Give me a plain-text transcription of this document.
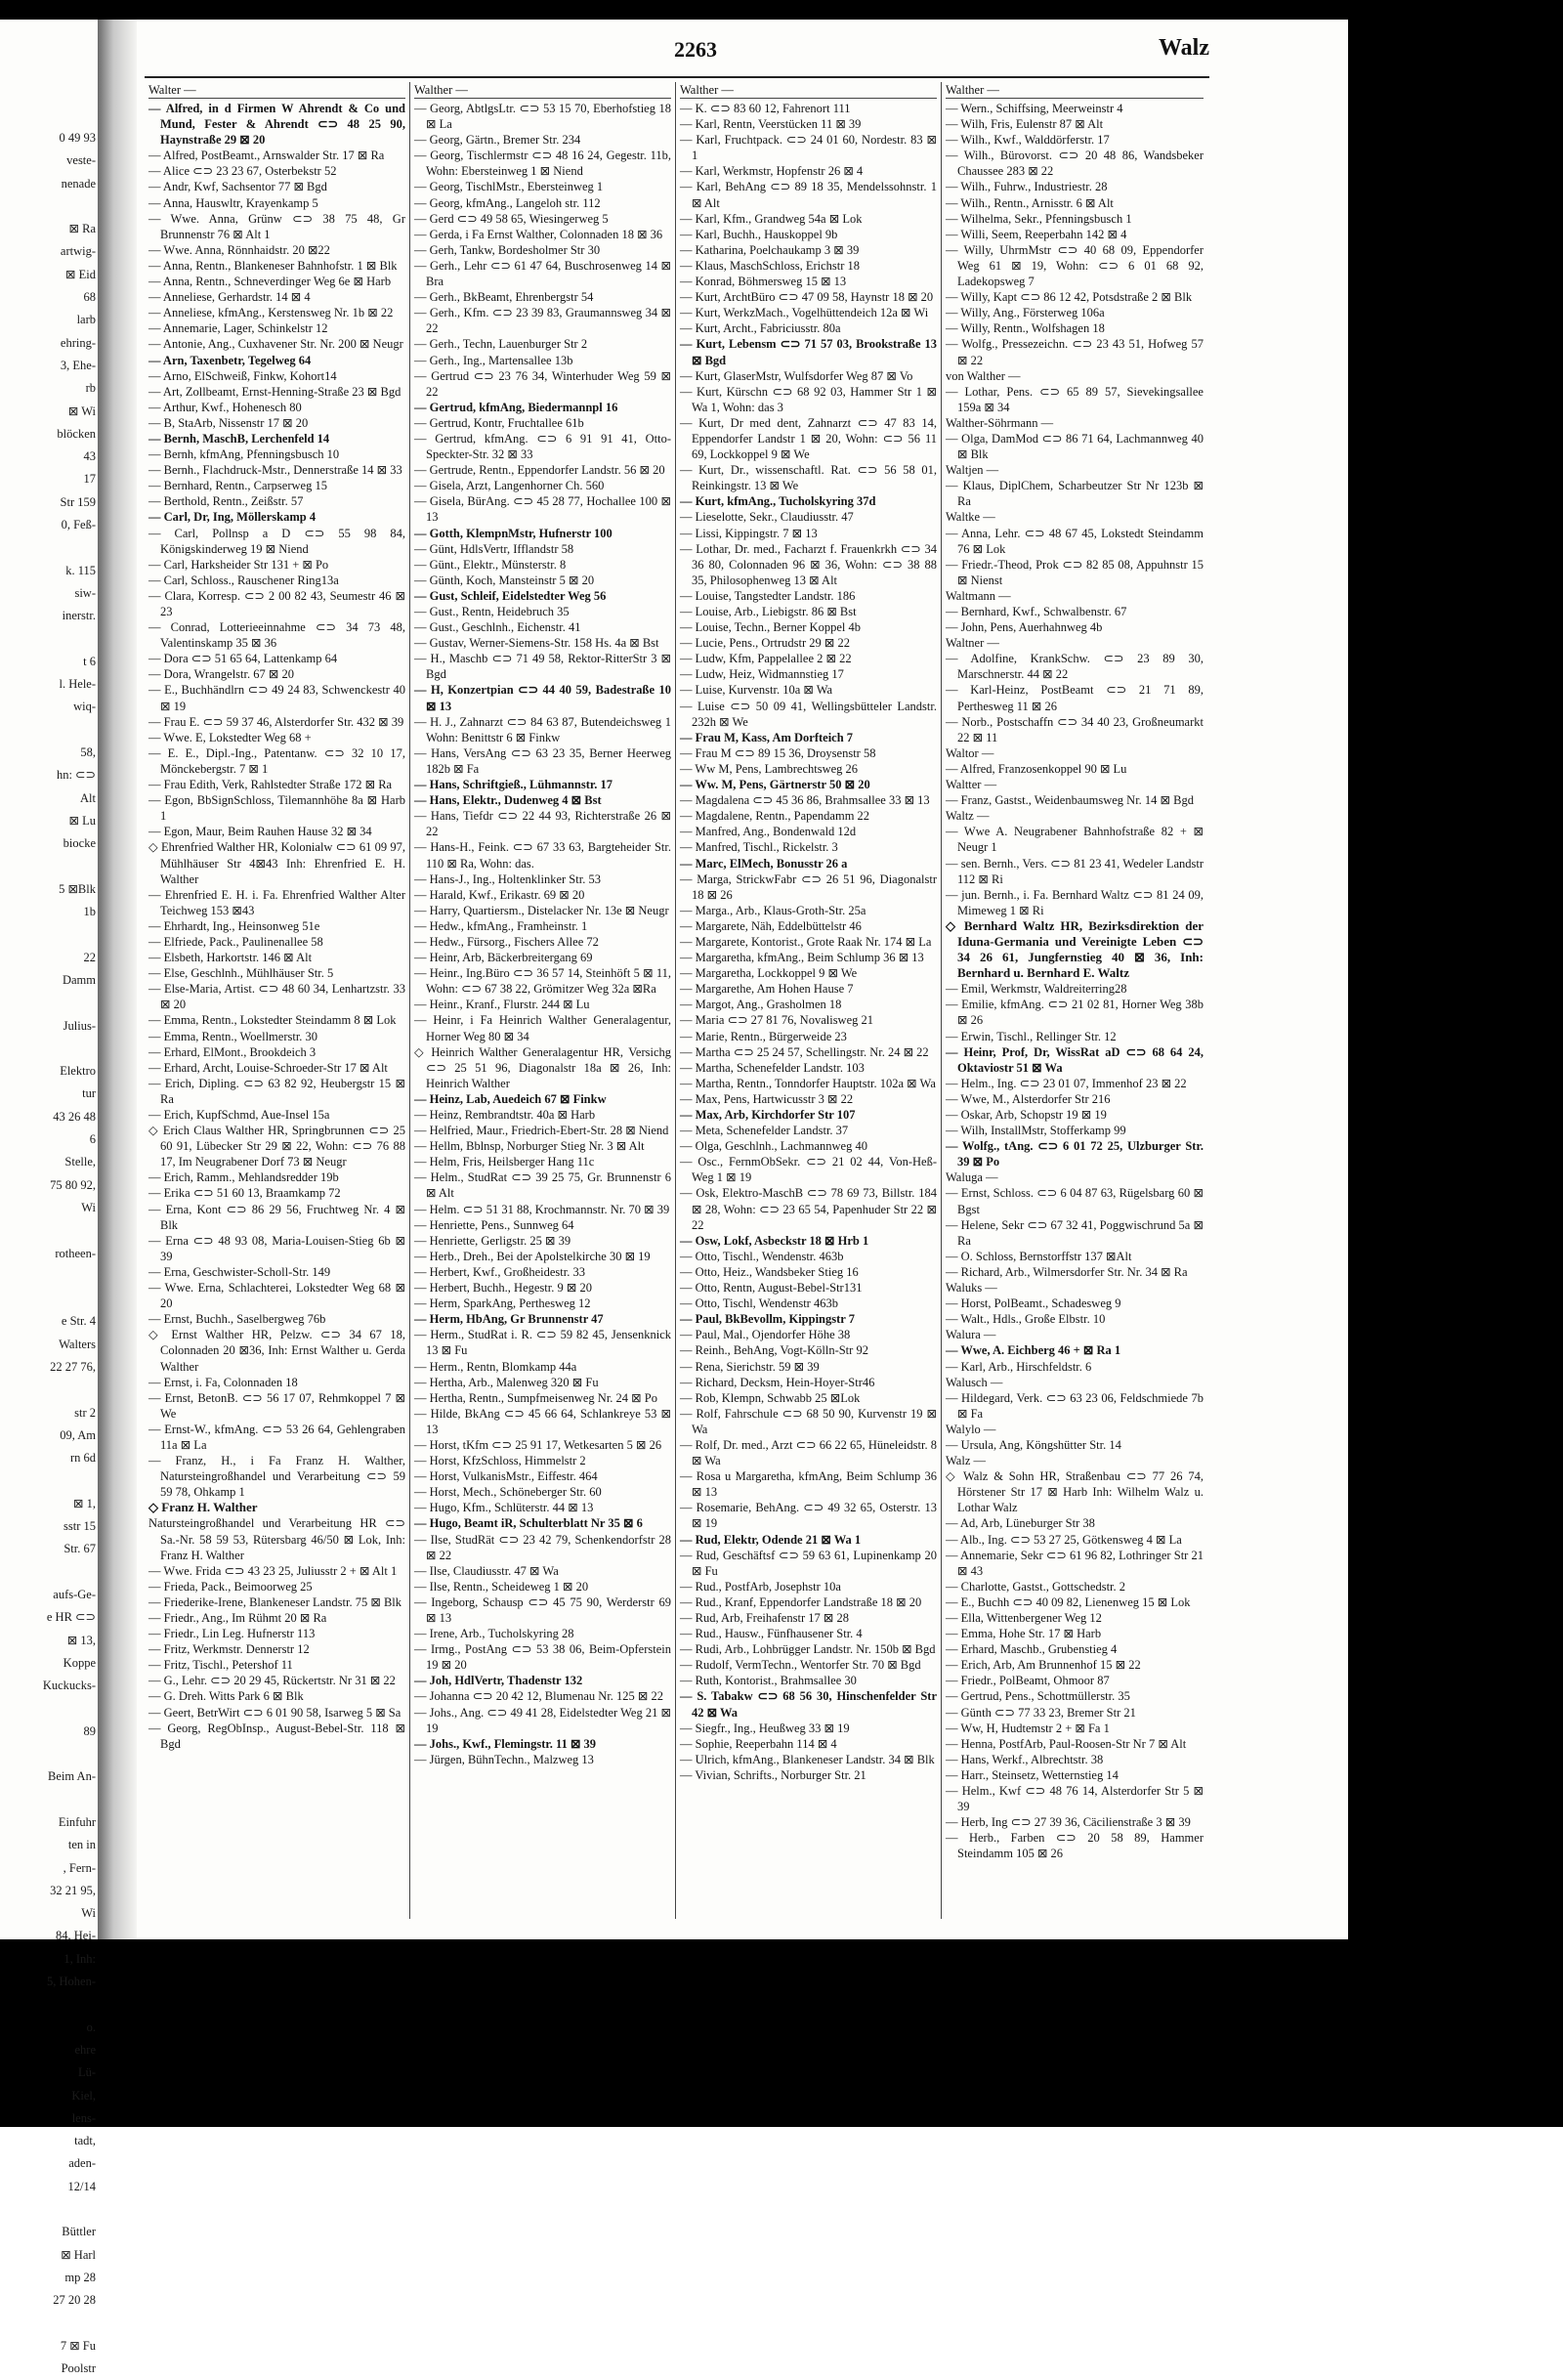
0 49 93
veste-
nenade

⊠ Ra
artwig-
⊠ Eid
68
larb
ehring-
3, Ehe-
rb
⊠ Wi
blöcken
43
17
Str 159
0, Feß-

k. 115
siw-
inerstr.

t 6
l. Hele-
wiq-

58,
hn: ⊂⊃
Alt
⊠ Lu
biocke

5 ⊠Blk
1b

22
Damm

Julius-

Elektro
tur
43 26 48
6
Stelle,
75 80 92,
Wi

rotheen-

e Str. 4
Walters
22 27 76,

str 2
09, Am
rn 6d

⊠ 1,
sstr 15
Str. 67

aufs-Ge-
e HR ⊂⊃
⊠ 13,
Koppe
Kuckucks-

89

Beim An-

Einfuhr
ten in
, Fern-
32 21 95,
Wi
84, Hei-
1, Inh:
5, Hohen-

o.
ehre
Lü-
Kiel,
lens-
tadt,
aden-
12/14

Büttler
⊠ Harl
mp 28
27 20 28

7 ⊠ Fu
Poolstr
2263	Walz
Walter —
— Alfred, in d Firmen W Ahrendt & Co und Mund, Fester & Ahrendt ⊂⊃ 48 25 90, Haynstraße 29 ⊠ 20
— Alfred, PostBeamt., Arnswalder Str. 17 ⊠ Ra
— Alice ⊂⊃ 23 23 67, Osterbekstr 52
— Andr, Kwf, Sachsentor 77 ⊠ Bgd
— Anna, Hauswltr, Krayenkamp 5
— Wwe. Anna, Grünw ⊂⊃ 38 75 48, Gr Brunnenstr 76 ⊠ Alt 1
— Wwe. Anna, Rönnhaidstr. 20 ⊠22
— Anna, Rentn., Blankeneser Bahnhofstr. 1 ⊠ Blk
— Anna, Rentn., Schneverdinger Weg 6e ⊠ Harb
— Anneliese, Gerhardstr. 14 ⊠ 4
— Anneliese, kfmAng., Kerstensweg Nr. 1b ⊠ 22
— Annemarie, Lager, Schinkelstr 12
— Antonie, Ang., Cuxhavener Str. Nr. 200 ⊠ Neugr
— Arn, Taxenbetr, Tegelweg 64
— Arno, ElSchweiß, Finkw, Kohort14
— Art, Zollbeamt, Ernst-Henning-Straße 23 ⊠ Bgd
— Arthur, Kwf., Hohenesch 80
— B, StaArb, Nissenstr 17 ⊠ 20
— Bernh, MaschB, Lerchenfeld 14
— Bernh, kfmAng, Pfenningsbusch 10
— Bernh., Flachdruck-Mstr., Dennerstraße 14 ⊠ 33
— Bernhard, Rentn., Carpserweg 15
— Berthold, Rentn., Zeißstr. 57
— Carl, Dr, Ing, Möllerskamp 4
— Carl, Pollnsp a D ⊂⊃ 55 98 84, Königskinderweg 19 ⊠ Niend
— Carl, Harksheider Str 131 + ⊠ Po
— Carl, Schloss., Rauschener Ring13a
— Clara, Korresp. ⊂⊃ 2 00 82 43, Seumestr 46 ⊠ 23
— Conrad, Lotterieeinnahme ⊂⊃ 34 73 48, Valentinskamp 35 ⊠ 36
— Dora ⊂⊃ 51 65 64, Lattenkamp 64
— Dora, Wrangelstr. 67 ⊠ 20
— E., Buchhändlrn ⊂⊃ 49 24 83, Schwenckestr 40 ⊠ 19
— Frau E. ⊂⊃ 59 37 46, Alsterdorfer Str. 432 ⊠ 39
— Wwe. E, Lokstedter Weg 68 +
— E. E., Dipl.-Ing., Patentanw. ⊂⊃ 32 10 17, Mönckebergstr. 7 ⊠ 1
— Frau Edith, Verk, Rahlstedter Straße 172 ⊠ Ra
— Egon, BbSignSchloss, Tilemannhöhe 8a ⊠ Harb 1
— Egon, Maur, Beim Rauhen Hause 32 ⊠ 34
◇ Ehrenfried Walther HR, Kolonialw ⊂⊃ 61 09 97, Mühlhäuser Str 4⊠43 Inh: Ehrenfried E. H. Walther
— Ehrenfried E. H. i. Fa. Ehrenfried Walther Alter Teichweg 153 ⊠43
— Ehrhardt, Ing., Heinsonweg 51e
— Elfriede, Pack., Paulinenallee 58
— Elsbeth, Harkortstr. 146 ⊠ Alt
— Else, Geschlnh., Mühlhäuser Str. 5
— Else-Maria, Artist. ⊂⊃ 48 60 34, Lenhartzstr. 33 ⊠ 20
— Emma, Rentn., Lokstedter Steindamm 8 ⊠ Lok
— Emma, Rentn., Woellmerstr. 30
— Erhard, ElMont., Brookdeich 3
— Erhard, Archt, Louise-Schroeder-Str 17 ⊠ Alt
— Erich, Dipling. ⊂⊃ 63 82 92, Heubergstr 15 ⊠ Ra
— Erich, KupfSchmd, Aue-Insel 15a
◇ Erich Claus Walther HR, Springbrunnen ⊂⊃ 25 60 91, Lübecker Str 29 ⊠ 22, Wohn: ⊂⊃ 76 88 17, Im Neugrabener Dorf 73 ⊠ Neugr
— Erich, Ramm., Mehlandsredder 19b
— Erika ⊂⊃ 51 60 13, Braamkamp 72
— Erna, Kont ⊂⊃ 86 29 56, Fruchtweg Nr. 4 ⊠ Blk
— Erna ⊂⊃ 48 93 08, Maria-Louisen-Stieg 6b ⊠ 39
— Erna, Geschwister-Scholl-Str. 149
— Wwe. Erna, Schlachterei, Lokstedter Weg 68 ⊠ 20
— Ernst, Buchh., Saselbergweg 76b
◇ Ernst Walther HR, Pelzw. ⊂⊃ 34 67 18, Colonnaden 20 ⊠36, Inh: Ernst Walther u. Gerda Walther
— Ernst, i. Fa, Colonnaden 18
— Ernst, BetonB. ⊂⊃ 56 17 07, Rehmkoppel 7 ⊠ We
— Ernst-W., kfmAng. ⊂⊃ 53 26 64, Gehlengraben 11a ⊠ La
— Franz, H., i Fa Franz H. Walther, Natursteingroßhandel und Verarbeitung ⊂⊃ 59 59 78, Ohkamp 1
◇ Franz H. Walther
Natursteingroßhandel und Verarbeitung HR ⊂⊃ Sa.-Nr. 58 59 53, Rütersbarg 46/50 ⊠ Lok, Inh: Franz H. Walther
— Wwe. Frida ⊂⊃ 43 23 25, Juliusstr 2 + ⊠ Alt 1
— Frieda, Pack., Beimoorweg 25
— Friederike-Irene, Blankeneser Landstr. 75 ⊠ Blk
— Friedr., Ang., Im Rühmt 20 ⊠ Ra
— Friedr., Lin Leg. Hufnerstr 113
— Fritz, Werkmstr. Dennerstr 12
— Fritz, Tischl., Petershof 11
— G., Lehr. ⊂⊃ 20 29 45, Rückertstr. Nr 31 ⊠ 22
— G. Dreh. Witts Park 6 ⊠ Blk
— Geert, BetrWirt ⊂⊃ 6 01 90 58, Isarweg 5 ⊠ Sa
— Georg, RegObInsp., August-Bebel-Str. 118 ⊠ Bgd
Walther —
— Georg, AbtlgsLtr. ⊂⊃ 53 15 70, Eberhofstieg 18 ⊠ La
— Georg, Gärtn., Bremer Str. 234
— Georg, Tischlermstr ⊂⊃ 48 16 24, Gegestr. 11b, Wohn: Ebersteinweg 1 ⊠ Niend
— Georg, TischlMstr., Ebersteinweg 1
— Georg, kfmAng., Langeloh str. 112
— Gerd ⊂⊃ 49 58 65, Wiesingerweg 5
— Gerda, i Fa Ernst Walther, Colonnaden 18 ⊠ 36
— Gerh, Tankw, Bordesholmer Str 30
— Gerh., Lehr ⊂⊃ 61 47 64, Buschrosenweg 14 ⊠ Bra
— Gerh., BkBeamt, Ehrenbergstr 54
— Gerh., Kfm. ⊂⊃ 23 39 83, Graumannsweg 34 ⊠ 22
— Gerh., Techn, Lauenburger Str 2
— Gerh., Ing., Martensallee 13b
— Gertrud ⊂⊃ 23 76 34, Winterhuder Weg 59 ⊠ 22
— Gertrud, kfmAng, Biedermannpl 16
— Gertrud, Kontr, Fruchtallee 61b
— Gertrud, kfmAng. ⊂⊃ 6 91 91 41, Otto-Speckter-Str. 32 ⊠ 33
— Gertrude, Rentn., Eppendorfer Landstr. 56 ⊠ 20
— Gisela, Arzt, Langenhorner Ch. 560
— Gisela, BürAng. ⊂⊃ 45 28 77, Hochallee 100 ⊠ 13
— Gotth, KlempnMstr, Hufnerstr 100
— Günt, HdlsVertr, Ifflandstr 58
— Günt., Elektr., Münsterstr. 8
— Günth, Koch, Mansteinstr 5 ⊠ 20
— Gust, Schleif, Eidelstedter Weg 56
— Gust., Rentn, Heidebruch 35
— Gust., Geschlnh., Eichenstr. 41
— Gustav, Werner-Siemens-Str. 158 Hs. 4a ⊠ Bst
— H., Maschb ⊂⊃ 71 49 58, Rektor-RitterStr 3 ⊠ Bgd
— H, Konzertpian ⊂⊃ 44 40 59, Badestraße 10 ⊠ 13
— H. J., Zahnarzt ⊂⊃ 84 63 87, Butendeichsweg 1 Wohn: Benittstr 6 ⊠ Finkw
— Hans, VersAng ⊂⊃ 63 23 35, Berner Heerweg 182b ⊠ Fa
— Hans, Schriftgieß., Lühmannstr. 17
— Hans, Elektr., Dudenweg 4 ⊠ Bst
— Hans, Tiefdr ⊂⊃ 22 44 93, Richterstraße 26 ⊠ 22
— Hans-H., Feink. ⊂⊃ 67 33 63, Bargteheider Str. 110 ⊠ Ra, Wohn: das.
— Hans-J., Ing., Holtenklinker Str. 53
— Harald, Kwf., Erikastr. 69 ⊠ 20
— Harry, Quartiersm., Distelacker Nr. 13e ⊠ Neugr
— Hedw., kfmAng., Framheinstr. 1
— Hedw., Fürsorg., Fischers Allee 72
— Heinr, Arb, Bäckerbreitergang 69
— Heinr., Ing.Büro ⊂⊃ 36 57 14, Steinhöft 5 ⊠ 11, Wohn: ⊂⊃ 67 38 22, Grömitzer Weg 32a ⊠Ra
— Heinr., Kranf., Flurstr. 244 ⊠ Lu
— Heinr, i Fa Heinrich Walther Generalagentur, Horner Weg 80 ⊠ 34
◇ Heinrich Walther Generalagentur HR, Versichg ⊂⊃ 25 51 96, Diagonalstr 18a ⊠ 26, Inh: Heinrich Walther
— Heinz, Lab, Auedeich 67 ⊠ Finkw
— Heinz, Rembrandtstr. 40a ⊠ Harb
— Helfried, Maur., Friedrich-Ebert-Str. 28 ⊠ Niend
— Hellm, Bblnsp, Norburger Stieg Nr. 3 ⊠ Alt
— Helm, Fris, Heilsberger Hang 11c
— Helm., StudRat ⊂⊃ 39 25 75, Gr. Brunnenstr 6 ⊠ Alt
— Helm. ⊂⊃ 51 31 88, Krochmannstr. Nr. 70 ⊠ 39
— Henriette, Pens., Sunnweg 64
— Henriette, Gerligstr. 25 ⊠ 39
— Herb., Dreh., Bei der Apolstelkirche 30 ⊠ 19
— Herbert, Kwf., Großheidestr. 33
— Herbert, Buchh., Hegestr. 9 ⊠ 20
— Herm, SparkAng, Perthesweg 12
— Herm, HbAng, Gr Brunnenstr 47
— Herm., StudRat i. R. ⊂⊃ 59 82 45, Jensenknick 13 ⊠ Fu
— Herm., Rentn, Blomkamp 44a
— Hertha, Arb., Malenweg 320 ⊠ Fu
— Hertha, Rentn., Sumpfmeisenweg Nr. 24 ⊠ Po
— Hilde, BkAng ⊂⊃ 45 66 64, Schlankreye 53 ⊠ 13
— Horst, tKfm ⊂⊃ 25 91 17, Wetkesarten 5 ⊠ 26
— Horst, KfzSchloss, Himmelstr 2
— Horst, VulkanisMstr., Eiffestr. 464
— Horst, Mech., Schöneberger Str. 60
— Hugo, Kfm., Schlüterstr. 44 ⊠ 13
— Hugo, Beamt iR, Schulterblatt Nr 35 ⊠ 6
— Ilse, StudRät ⊂⊃ 23 42 79, Schenkendorfstr 28 ⊠ 22
— Ilse, Claudiusstr. 47 ⊠ Wa
— Ilse, Rentn., Scheideweg 1 ⊠ 20
— Ingeborg, Schausp ⊂⊃ 45 75 90, Werderstr 69 ⊠ 13
— Irene, Arb., Tucholskyring 28
— Irmg., PostAng ⊂⊃ 53 38 06, Beim-Opferstein 19 ⊠ 20
— Joh, HdlVertr, Thadenstr 132
— Johanna ⊂⊃ 20 42 12, Blumenau Nr. 125 ⊠ 22
— Johs., Ang. ⊂⊃ 49 41 28, Eidelstedter Weg 21 ⊠ 19
— Johs., Kwf., Flemingstr. 11 ⊠ 39
— Jürgen, BühnTechn., Malzweg 13
Walther —
— K. ⊂⊃ 83 60 12, Fahrenort 111
— Karl, Rentn, Veerstücken 11 ⊠ 39
— Karl, Fruchtpack. ⊂⊃ 24 01 60, Nordestr. 83 ⊠ 1
— Karl, Werkmstr, Hopfenstr 26 ⊠ 4
— Karl, BehAng ⊂⊃ 89 18 35, Mendelssohnstr. 1 ⊠ Alt
— Karl, Kfm., Grandweg 54a ⊠ Lok
— Karl, Buchh., Hauskoppel 9b
— Katharina, Poelchaukamp 3 ⊠ 39
— Klaus, MaschSchloss, Erichstr 18
— Konrad, Böhmersweg 15 ⊠ 13
— Kurt, ArchtBüro ⊂⊃ 47 09 58, Haynstr 18 ⊠ 20
— Kurt, WerkzMach., Vogelhüttendeich 12a ⊠ Wi
— Kurt, Archt., Fabriciusstr. 80a
— Kurt, Lebensm ⊂⊃ 71 57 03, Brookstraße 13 ⊠ Bgd
— Kurt, GlaserMstr, Wulfsdorfer Weg 87 ⊠ Vo
— Kurt, Kürschn ⊂⊃ 68 92 03, Hammer Str 1 ⊠ Wa 1, Wohn: das 3
— Kurt, Dr med dent, Zahnarzt ⊂⊃ 47 83 14, Eppendorfer Landstr 1 ⊠ 20, Wohn: ⊂⊃ 56 11 69, Lockkoppel 9 ⊠ We
— Kurt, Dr., wissenschaftl. Rat. ⊂⊃ 56 58 01, Reinkingstr. 13 ⊠ We
— Kurt, kfmAng., Tucholskyring 37d
— Lieselotte, Sekr., Claudiusstr. 47
— Lissi, Kippingstr. 7 ⊠ 13
— Lothar, Dr. med., Facharzt f. Frauenkrkh ⊂⊃ 34 36 80, Colonnaden 96 ⊠ 36, Wohn: ⊂⊃ 38 88 35, Philosophenweg 13 ⊠ Alt
— Louise, Tangstedter Landstr. 186
— Louise, Arb., Liebigstr. 86 ⊠ Bst
— Louise, Techn., Berner Koppel 4b
— Lucie, Pens., Ortrudstr 29 ⊠ 22
— Ludw, Kfm, Pappelallee 2 ⊠ 22
— Ludw, Heiz, Widmannstieg 17
— Luise, Kurvenstr. 10a ⊠ Wa
— Luise ⊂⊃ 50 09 41, Wellingsbütteler Landstr. 232h ⊠ We
— Frau M, Kass, Am Dorfteich 7
— Frau M ⊂⊃ 89 15 36, Droysenstr 58
— Ww M, Pens, Lambrechtsweg 26
— Ww. M, Pens, Gärtnerstr 50 ⊠ 20
— Magdalena ⊂⊃ 45 36 86, Brahmsallee 33 ⊠ 13
— Magdalene, Rentn., Papendamm 22
— Manfred, Ang., Bondenwald 12d
— Manfred, Tischl., Rickelstr. 3
— Marc, ElMech, Bonusstr 26 a
— Marga, StrickwFabr ⊂⊃ 26 51 96, Diagonalstr 18 ⊠ 26
— Marga., Arb., Klaus-Groth-Str. 25a
— Margarete, Näh, Eddelbüttelstr 46
— Margarete, Kontorist., Grote Raak Nr. 174 ⊠ La
— Margaretha, kfmAng., Beim Schlump 36 ⊠ 13
— Margaretha, Lockkoppel 9 ⊠ We
— Margarethe, Am Hohen Hause 7
— Margot, Ang., Grasholmen 18
— Maria ⊂⊃ 27 81 76, Novalisweg 21
— Marie, Rentn., Bürgerweide 23
— Martha ⊂⊃ 25 24 57, Schellingstr. Nr. 24 ⊠ 22
— Martha, Schenefelder Landstr. 103
— Martha, Rentn., Tonndorfer Hauptstr. 102a ⊠ Wa
— Max, Pens, Hartwicusstr 3 ⊠ 22
— Max, Arb, Kirchdorfer Str 107
— Meta, Schenefelder Landstr. 37
— Olga, Geschlnh., Lachmannweg 40
— Osc., FernmObSekr. ⊂⊃ 21 02 44, Von-Heß-Weg 1 ⊠ 19
— Osk, Elektro-MaschB ⊂⊃ 78 69 73, Billstr. 184 ⊠ 28, Wohn: ⊂⊃ 23 65 54, Papenhuder Str 22 ⊠ 22
— Osw, Lokf, Asbeckstr 18 ⊠ Hrb 1
— Otto, Tischl., Wendenstr. 463b
— Otto, Heiz., Wandsbeker Stieg 16
— Otto, Rentn, August-Bebel-Str131
— Otto, Tischl, Wendenstr 463b
— Paul, BkBevollm, Kippingstr 7
— Paul, Mal., Ojendorfer Höhe 38
— Reinh., BehAng, Vogt-Kölln-Str 92
— Rena, Sierichstr. 59 ⊠ 39
— Richard, Decksm, Hein-Hoyer-Str46
— Rob, Klempn, Schwabb 25 ⊠Lok
— Rolf, Fahrschule ⊂⊃ 68 50 90, Kurvenstr 19 ⊠ Wa
— Rolf, Dr. med., Arzt ⊂⊃ 66 22 65, Hüneleidstr. 8 ⊠ Wa
— Rosa u Margaretha, kfmAng, Beim Schlump 36 ⊠ 13
— Rosemarie, BehAng. ⊂⊃ 49 32 65, Osterstr. 13 ⊠ 19
— Rud, Elektr, Odende 21 ⊠ Wa 1
— Rud, Geschäftsf ⊂⊃ 59 63 61, Lupinenkamp 20 ⊠ Fu
— Rud., PostfArb, Josephstr 10a
— Rud., Kranf, Eppendorfer Landstraße 18 ⊠ 20
— Rud, Arb, Freihafenstr 17 ⊠ 28
— Rud., Hausw., Fünfhausener Str. 4
— Rudi, Arb., Lohbrügger Landstr. Nr. 150b ⊠ Bgd
— Rudolf, VermTechn., Wentorfer Str. 70 ⊠ Bgd
— Ruth, Kontorist., Brahmsallee 30
— S. Tabakw ⊂⊃ 68 56 30, Hinschenfelder Str 42 ⊠ Wa
— Siegfr., Ing., Heußweg 33 ⊠ 19
— Sophie, Reeperbahn 114 ⊠ 4
— Ulrich, kfmAng., Blankeneser Landstr. 34 ⊠ Blk
— Vivian, Schrifts., Norburger Str. 21
Walther —
— Wern., Schiffsing, Meerweinstr 4
— Wilh, Fris, Eulenstr 87 ⊠ Alt
— Wilh., Kwf., Walddörferstr. 17
— Wilh., Bürovorst. ⊂⊃ 20 48 86, Wandsbeker Chaussee 283 ⊠ 22
— Wilh., Fuhrw., Industriestr. 28
— Wilh., Rentn., Arnisstr. 6 ⊠ Alt
— Wilhelma, Sekr., Pfenningsbusch 1
— Willi, Seem, Reeperbahn 142 ⊠ 4
— Willy, UhrmMstr ⊂⊃ 40 68 09, Eppendorfer Weg 61 ⊠ 19, Wohn: ⊂⊃ 6 01 68 92, Ladekopsweg 7
— Willy, Kapt ⊂⊃ 86 12 42, Potsdstraße 2 ⊠ Blk
— Willy, Ang., Försterweg 106a
— Willy, Rentn., Wolfshagen 18
— Wolfg., Pressezeichn. ⊂⊃ 23 43 51, Hofweg 57 ⊠ 22
von Walther —
— Lothar, Pens. ⊂⊃ 65 89 57, Sievekingsallee 159a ⊠ 34
Walther-Söhrmann —
— Olga, DamMod ⊂⊃ 86 71 64, Lachmannweg 40 ⊠ Blk
Waltjen —
— Klaus, DiplChem, Scharbeutzer Str Nr 123b ⊠ Ra
Waltke —
— Anna, Lehr. ⊂⊃ 48 67 45, Lokstedt Steindamm 76 ⊠ Lok
— Friedr.-Theod, Prok ⊂⊃ 82 85 08, Appuhnstr 15 ⊠ Nienst
Waltmann —
— Bernhard, Kwf., Schwalbenstr. 67
— John, Pens, Auerhahnweg 4b
Waltner —
— Adolfine, KrankSchw. ⊂⊃ 23 89 30, Marschnerstr. 44 ⊠ 22
— Karl-Heinz, PostBeamt ⊂⊃ 21 71 89, Perthesweg 11 ⊠ 26
— Norb., Postschaffn ⊂⊃ 34 40 23, Großneumarkt 22 ⊠ 11
Waltor —
— Alfred, Franzosenkoppel 90 ⊠ Lu
Waltter —
— Franz, Gastst., Weidenbaumsweg Nr. 14 ⊠ Bgd
Waltz —
— Wwe A. Neugrabener Bahnhofstraße 82 + ⊠ Neugr 1
— sen. Bernh., Vers. ⊂⊃ 81 23 41, Wedeler Landstr 112 ⊠ Ri
— jun. Bernh., i. Fa. Bernhard Waltz ⊂⊃ 81 24 09, Mimeweg 1 ⊠ Ri
◇ Bernhard Waltz HR, Bezirksdirektion der Iduna-Germania und Vereinigte Leben ⊂⊃ 34 26 61, Jungfernstieg 40 ⊠ 36, Inh: Bernhard u. Bernhard E. Waltz
— Emil, Werkmstr, Waldreiterring28
— Emilie, kfmAng. ⊂⊃ 21 02 81, Horner Weg 38b ⊠ 26
— Erwin, Tischl., Rellinger Str. 12
— Heinr, Prof, Dr, WissRat aD ⊂⊃ 68 64 24, Oktaviostr 51 ⊠ Wa
— Helm., Ing. ⊂⊃ 23 01 07, Immenhof 23 ⊠ 22
— Wwe, M., Alsterdorfer Str 216
— Oskar, Arb, Schopstr 19 ⊠ 19
— Wilh, InstallMstr, Stofferkamp 99
— Wolfg., tAng. ⊂⊃ 6 01 72 25, Ulzburger Str. 39 ⊠ Po
Waluga —
— Ernst, Schloss. ⊂⊃ 6 04 87 63, Rügelsbarg 60 ⊠ Bgst
— Helene, Sekr ⊂⊃ 67 32 41, Poggwischrund 5a ⊠ Ra
— O. Schloss, Bernstorffstr 137 ⊠Alt
— Richard, Arb., Wilmersdorfer Str. Nr. 34 ⊠ Ra
Waluks —
— Horst, PolBeamt., Schadesweg 9
— Walt., Hdls., Große Elbstr. 10
Walura —
— Wwe, A. Eichberg 46 + ⊠ Ra 1
— Karl, Arb., Hirschfeldstr. 6
Walusch —
— Hildegard, Verk. ⊂⊃ 63 23 06, Feldschmiede 7b ⊠ Fa
Walylo —
— Ursula, Ang, Köngshütter Str. 14
Walz —
◇ Walz & Sohn HR, Straßenbau ⊂⊃ 77 26 74, Hörstener Str 17 ⊠ Harb Inh: Wilhelm Walz u. Lothar Walz
— Ad, Arb, Lüneburger Str 38
— Alb., Ing. ⊂⊃ 53 27 25, Götkensweg 4 ⊠ La
— Annemarie, Sekr ⊂⊃ 61 96 82, Lothringer Str 21 ⊠ 43
— Charlotte, Gastst., Gottschedstr. 2
— E., Buchh ⊂⊃ 40 09 82, Lienenweg 15 ⊠ Lok
— Ella, Wittenbergener Weg 12
— Emma, Hohe Str. 17 ⊠ Harb
— Erhard, Maschb., Grubenstieg 4
— Erich, Arb, Am Brunnenhof 15 ⊠ 22
— Friedr., PolBeamt, Ohmoor 87
— Gertrud, Pens., Schottmüllerstr. 35
— Günth ⊂⊃ 77 33 23, Bremer Str 21
— Ww, H, Hudtemstr 2 + ⊠ Fa 1
— Henna, PostfArb, Paul-Roosen-Str Nr 7 ⊠ Alt
— Hans, Werkf., Albrechtstr. 38
— Harr., Steinsetz, Wetternstieg 14
— Helm., Kwf ⊂⊃ 48 76 14, Alsterdorfer Str 5 ⊠ 39
— Herb, Ing ⊂⊃ 27 39 36, Cäcilienstraße 3 ⊠ 39
— Herb., Farben ⊂⊃ 20 58 89, Hammer Steindamm 105 ⊠ 26
